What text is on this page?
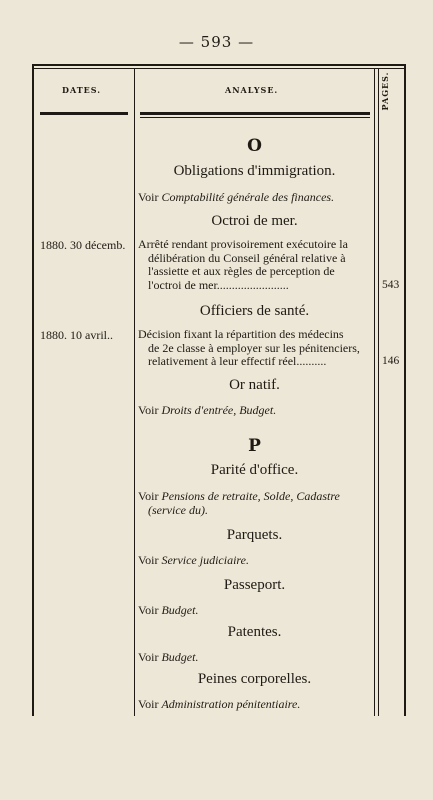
— 593 —
DATES.	ANALYSE.	PAGES.
O
Obligations d'immigration.
Voir Comptabilité générale des finances.
Octroi de mer.
1880. 30 décemb. Arrêté rendant provisoirement exécutoire la
délibération du Conseil général relative à
l'assiette et aux règles de perception de
l'octroi de mer........................	543
Officiers de santé.
1880. 10 avril.. Décision fixant la répartition des médecins
de 2e classe à employer sur les pénitenciers,
relativement à leur effectif réel..........	146
Or natif.
Voir Droits d'entrée, Budget.
P
Parité d'office.
Voir Pensions de retraite, Solde, Cadastre
(service du).
Parquets.
Voir Service judiciaire.
Passeport.
Voir Budget.
Patentes.
Voir Budget.
Peines corporelles.
Voir Administration pénitentiaire.
